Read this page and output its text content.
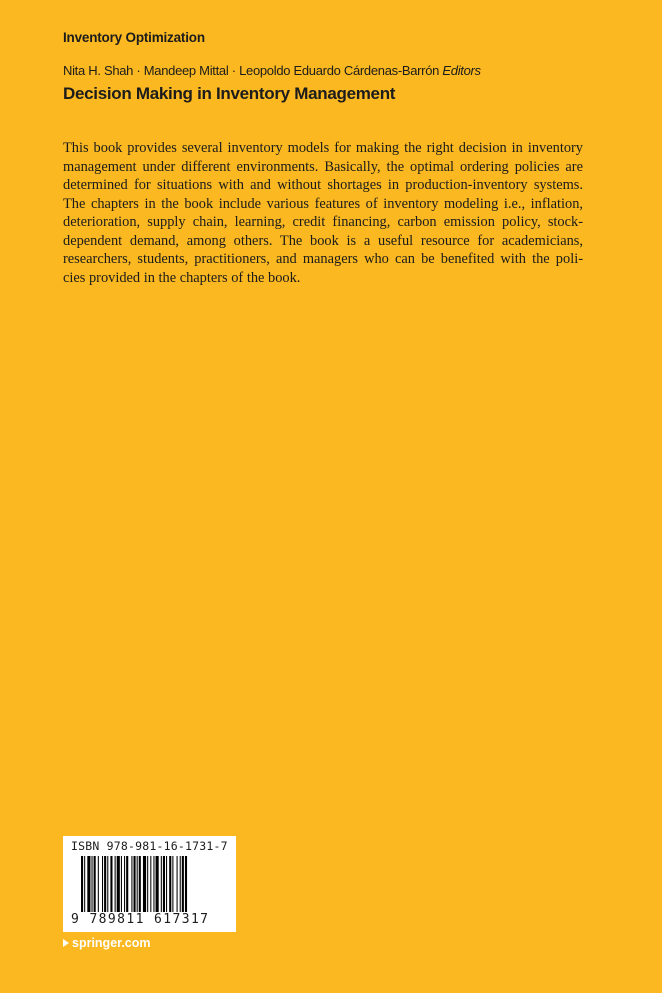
Inventory Optimization
Nita H. Shah · Mandeep Mittal · Leopoldo Eduardo Cárdenas-Barrón Editors
Decision Making in Inventory Management
This book provides several inventory models for making the right decision in inventory
management under different environments. Basically, the optimal ordering policies are
determined for situations with and without shortages in production-inventory systems.
The chapters in the book include various features of inventory modeling i.e., inflation,
deterioration, supply chain, learning, credit financing, carbon emission policy, stock-
dependent demand, among others. The book is a useful resource for academicians,
researchers, students, practitioners, and managers who can be benefited with the poli-
cies provided in the chapters of the book.
ISBN 978-981-16-1731-7
9 789811 617317
springer.com
